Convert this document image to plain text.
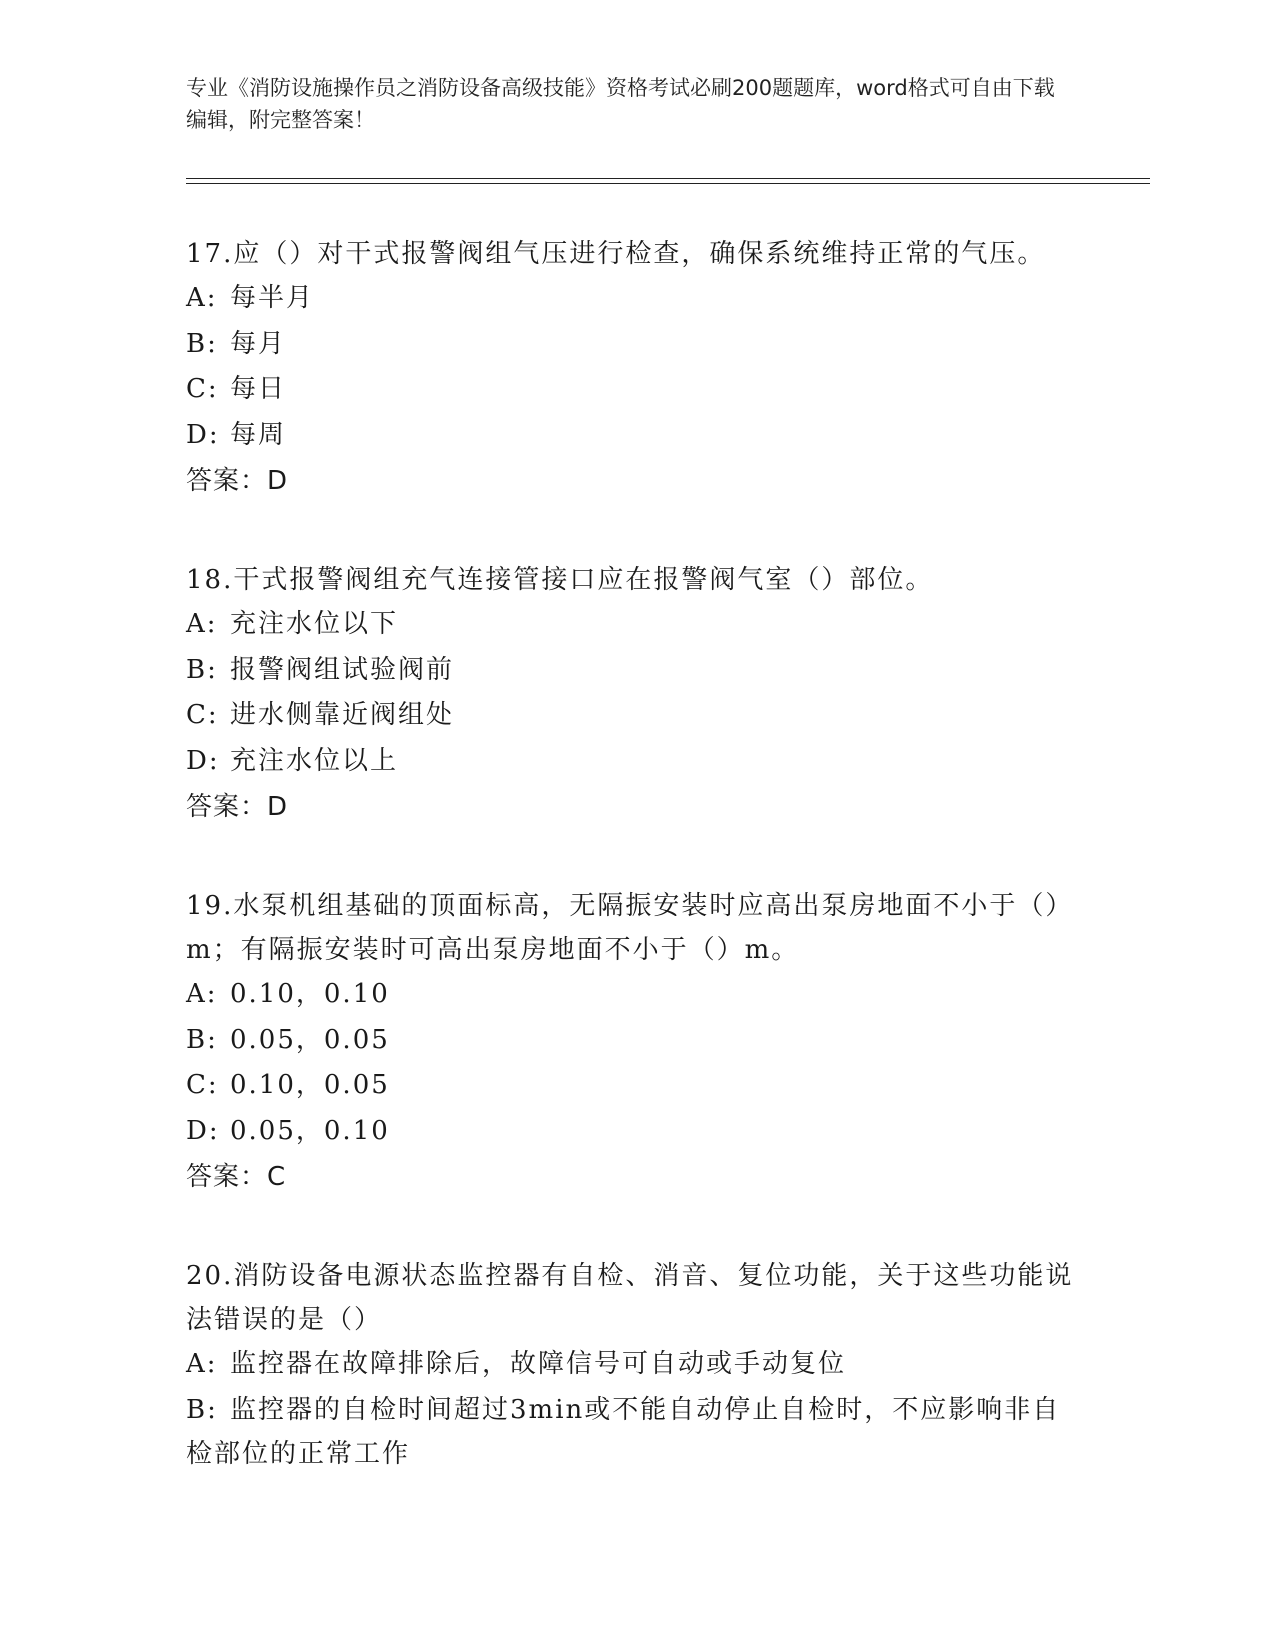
专业《消防设施操作员之消防设备高级技能》资格考试必刷200题题库，word格式可自由下载编辑，附完整答案！
17.应（）对干式报警阀组气压进行检查，确保系统维持正常的气压。
A: 每半月
B: 每月
C: 每日
D: 每周
答案：D
18.干式报警阀组充气连接管接口应在报警阀气室（）部位。
A: 充注水位以下
B: 报警阀组试验阀前
C: 进水侧靠近阀组处
D: 充注水位以上
答案：D
19.水泵机组基础的顶面标高，无隔振安装时应高出泵房地面不小于（）m；有隔振安装时可高出泵房地面不小于（）m。
A: 0.10，0.10
B: 0.05，0.05
C: 0.10，0.05
D: 0.05，0.10
答案：C
20.消防设备电源状态监控器有自检、消音、复位功能，关于这些功能说法错误的是（）
A: 监控器在故障排除后，故障信号可自动或手动复位
B: 监控器的自检时间超过3min或不能自动停止自检时，不应影响非自检部位的正常工作
